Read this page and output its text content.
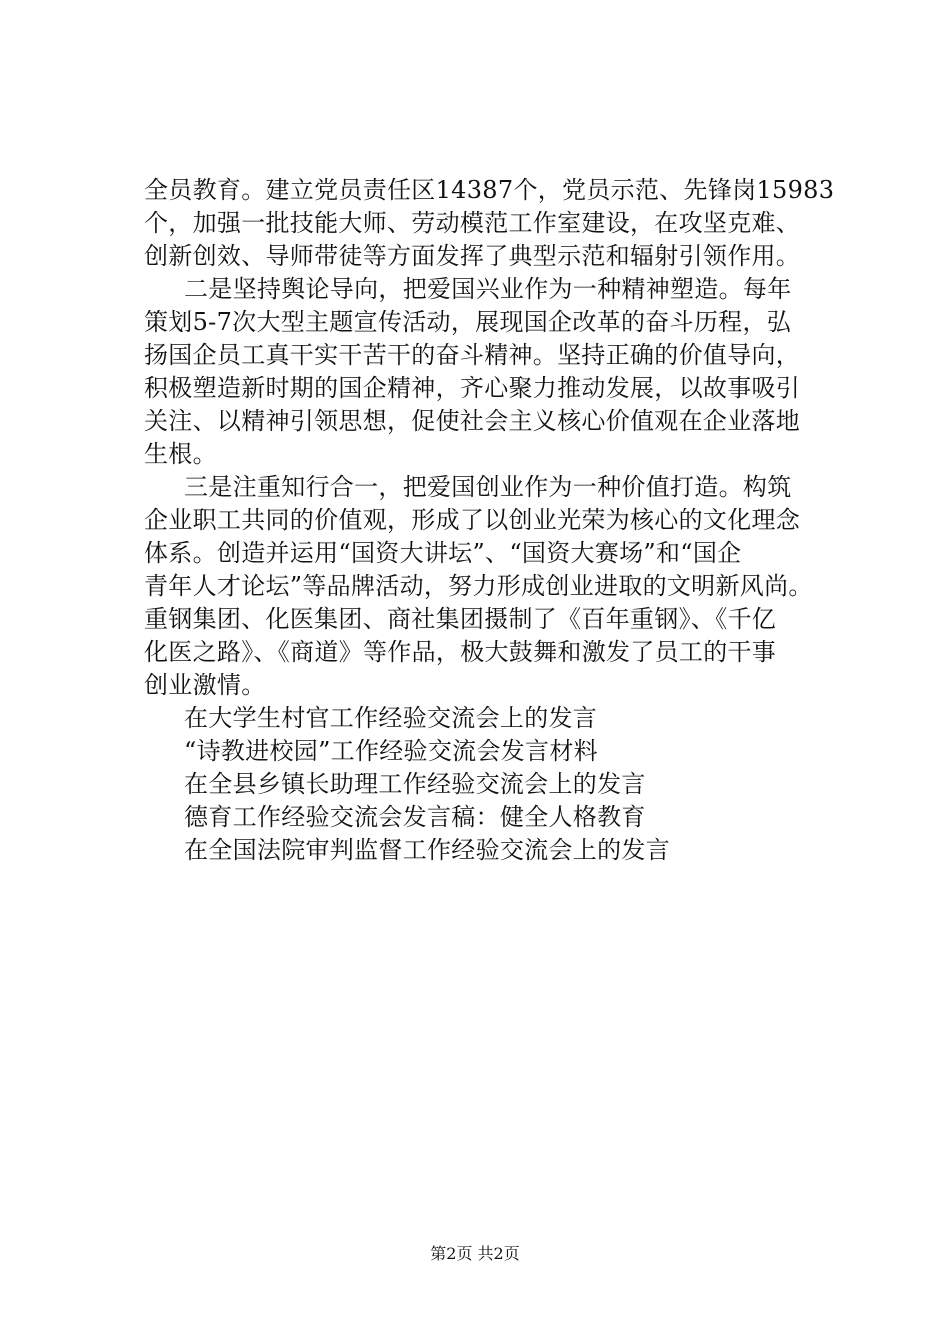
全员教育。建立党员责任区14387个，党员示范、先锋岗15983
个，加强一批技能大师、劳动模范工作室建设，在攻坚克难、
创新创效、导师带徒等方面发挥了典型示范和辐射引领作用。
二是坚持舆论导向，把爱国兴业作为一种精神塑造。每年
策划5-7次大型主题宣传活动，展现国企改革的奋斗历程，弘
扬国企员工真干实干苦干的奋斗精神。坚持正确的价值导向，
积极塑造新时期的国企精神，齐心聚力推动发展，以故事吸引
关注、以精神引领思想，促使社会主义核心价值观在企业落地
生根。
三是注重知行合一，把爱国创业作为一种价值打造。构筑
企业职工共同的价值观，形成了以创业光荣为核心的文化理念
体系。创造并运用“国资大讲坛”、“国资大赛场”和“国企
青年人才论坛”等品牌活动，努力形成创业进取的文明新风尚。
重钢集团、化医集团、商社集团摄制了《百年重钢》、《千亿
化医之路》、《商道》等作品，极大鼓舞和激发了员工的干事
创业激情。
在大学生村官工作经验交流会上的发言
“诗教进校园”工作经验交流会发言材料
在全县乡镇长助理工作经验交流会上的发言
德育工作经验交流会发言稿：健全人格教育
在全国法院审判监督工作经验交流会上的发言
第2页 共2页
